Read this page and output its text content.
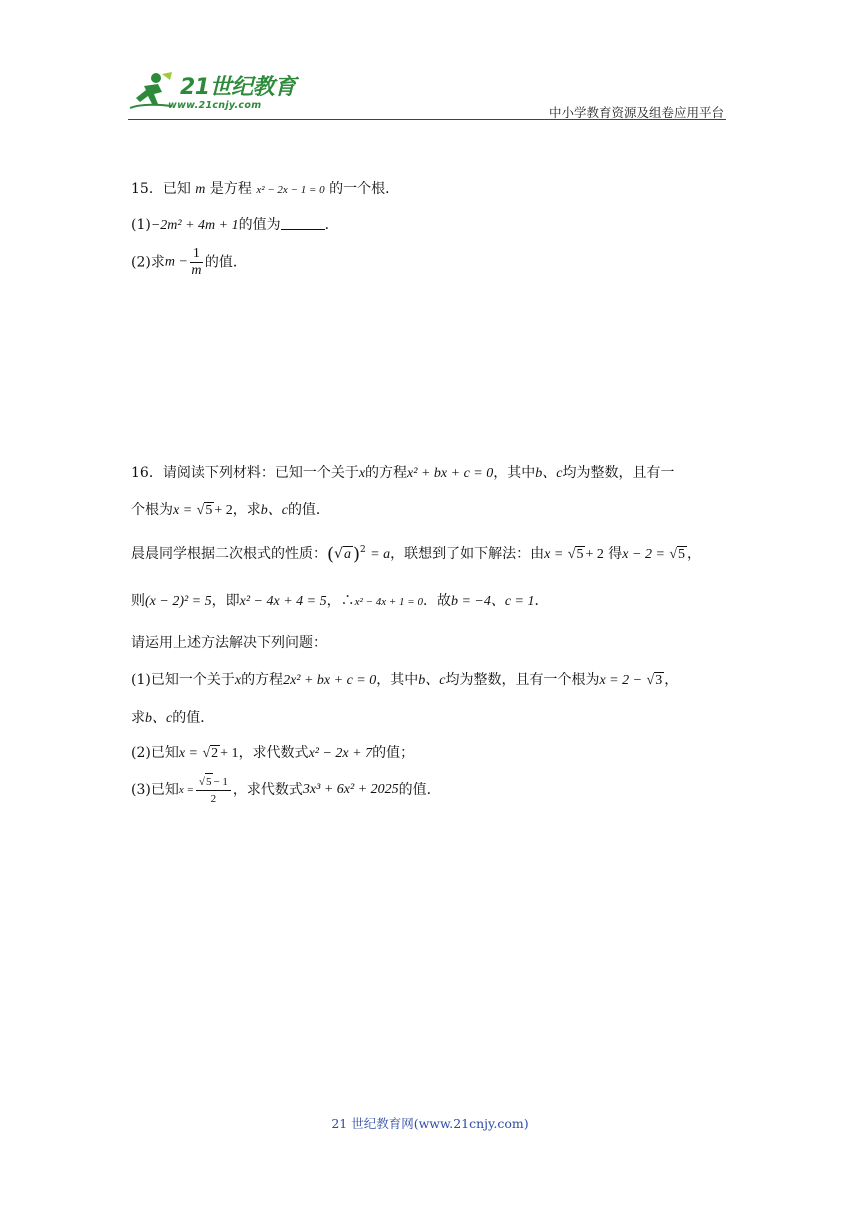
21世纪教育
www.21cnjy.com	中小学教育资源及组卷应用平台
15．已知 m 是方程 x² − 2x − 1 = 0 的一个根．
(1)−2m² + 4m + 1的值为	．
(2)求$m - \frac{1}{m}$ 的值．
16．请阅读下列材料：已知一个关于x的方程x² + bx + c = 0，其中b、c均为整数，且有一
个根为x = √5 + 2，求b、c的值．
晨晨同学根据二次根式的性质：(√a )$^2$ = a，联想到了如下解法：由x = √5 + 2 得x − 2 = √5 ，
则(x − 2)² = 5，即x² − 4x + 4 = 5，∴x² − 4x + 1 = 0．故b = −4、c = 1．
请运用上述方法解决下列问题：
(1)已知一个关于x的方程2x² + bx + c = 0，其中b、c均为整数，且有一个根为x = 2 − √3 ，
求b、c的值．
(2)已知x = √2 + 1，求代数式x² − 2x + 7的值；
(3)已知$x = \frac{√5 - 1}{2}$ ，求代数式3x³ + 6x² + 2025的值．
21 世纪教育网(www.21cnjy.com)
